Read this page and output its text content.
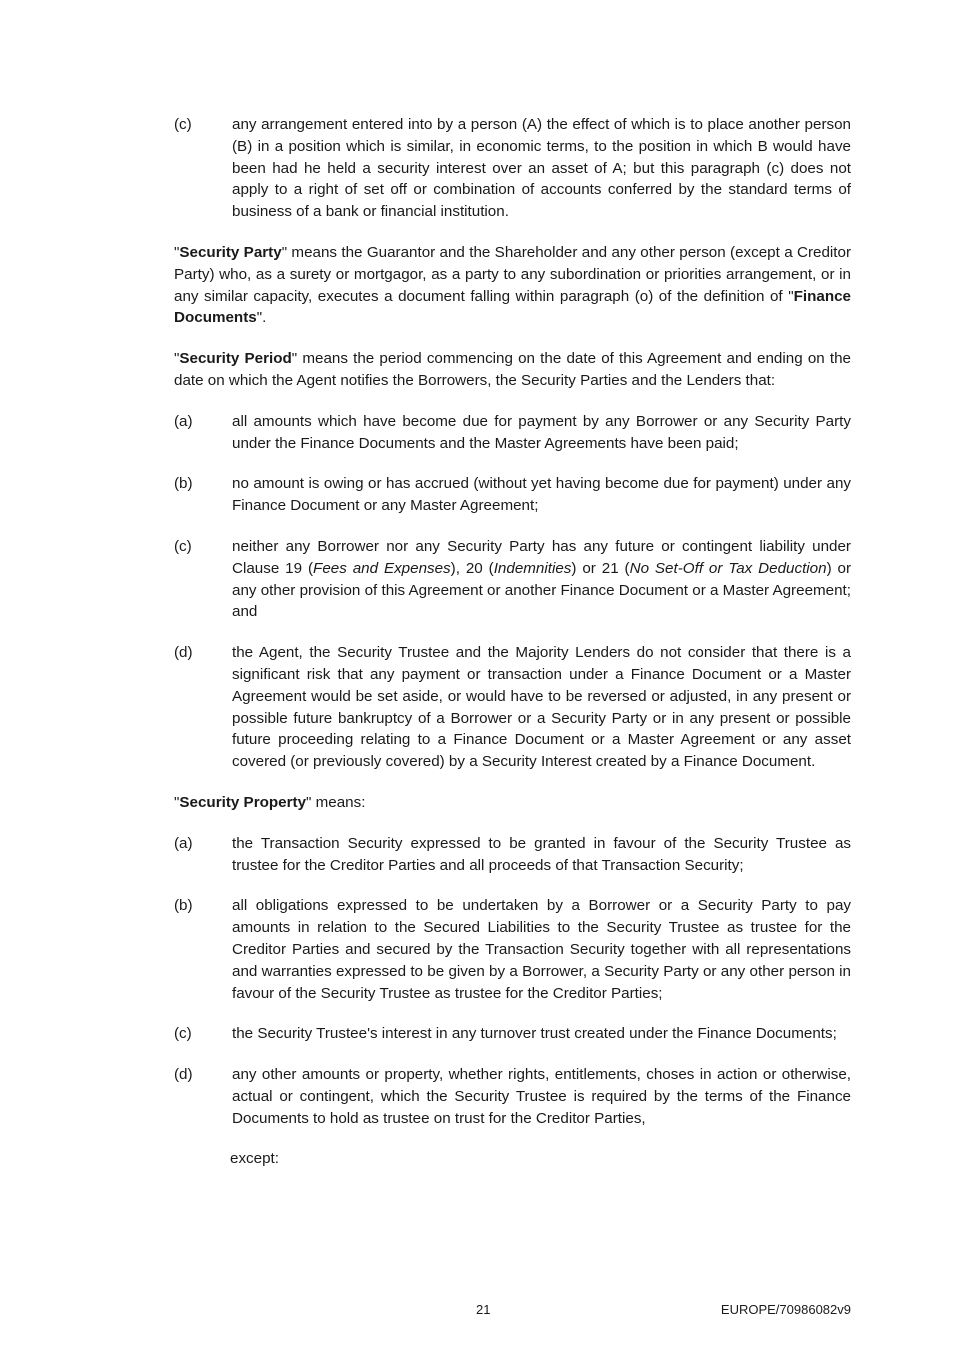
(c)	any arrangement entered into by a person (A) the effect of which is to place another person (B) in a position which is similar, in economic terms, to the position in which B would have been had he held a security interest over an asset of A; but this paragraph (c) does not apply to a right of set off or combination of accounts conferred by the standard terms of business of a bank or financial institution.

"Security Party" means the Guarantor and the Shareholder and any other person (except a Creditor Party) who, as a surety or mortgagor, as a party to any subordination or priorities arrangement, or in any similar capacity, executes a document falling within paragraph (o) of the definition of "Finance Documents".

"Security Period" means the period commencing on the date of this Agreement and ending on the date on which the Agent notifies the Borrowers, the Security Parties and the Lenders that:

(a)	all amounts which have become due for payment by any Borrower or any Security Party under the Finance Documents and the Master Agreements have been paid;

(b)	no amount is owing or has accrued (without yet having become due for payment) under any Finance Document or any Master Agreement;

(c)	neither any Borrower nor any Security Party has any future or contingent liability under Clause 19 (Fees and Expenses), 20 (Indemnities) or 21 (No Set-Off or Tax Deduction) or any other provision of this Agreement or another Finance Document or a Master Agreement; and

(d)	the Agent, the Security Trustee and the Majority Lenders do not consider that there is a significant risk that any payment or transaction under a Finance Document or a Master Agreement would be set aside, or would have to be reversed or adjusted, in any present or possible future bankruptcy of a Borrower or a Security Party or in any present or possible future proceeding relating to a Finance Document or a Master Agreement or any asset covered (or previously covered) by a Security Interest created by a Finance Document.

"Security Property" means:

(a)	the Transaction Security expressed to be granted in favour of the Security Trustee as trustee for the Creditor Parties and all proceeds of that Transaction Security;

(b)	all obligations expressed to be undertaken by a Borrower or a Security Party to pay amounts in relation to the Secured Liabilities to the Security Trustee as trustee for the Creditor Parties and secured by the Transaction Security together with all representations and warranties expressed to be given by a Borrower, a Security Party or any other person in favour of the Security Trustee as trustee for the Creditor Parties;

(c)	the Security Trustee's interest in any turnover trust created under the Finance Documents;

(d)	any other amounts or property, whether rights, entitlements, choses in action or otherwise, actual or contingent, which the Security Trustee is required by the terms of the Finance Documents to hold as trustee on trust for the Creditor Parties,

except:

21	EUROPE/70986082v9
